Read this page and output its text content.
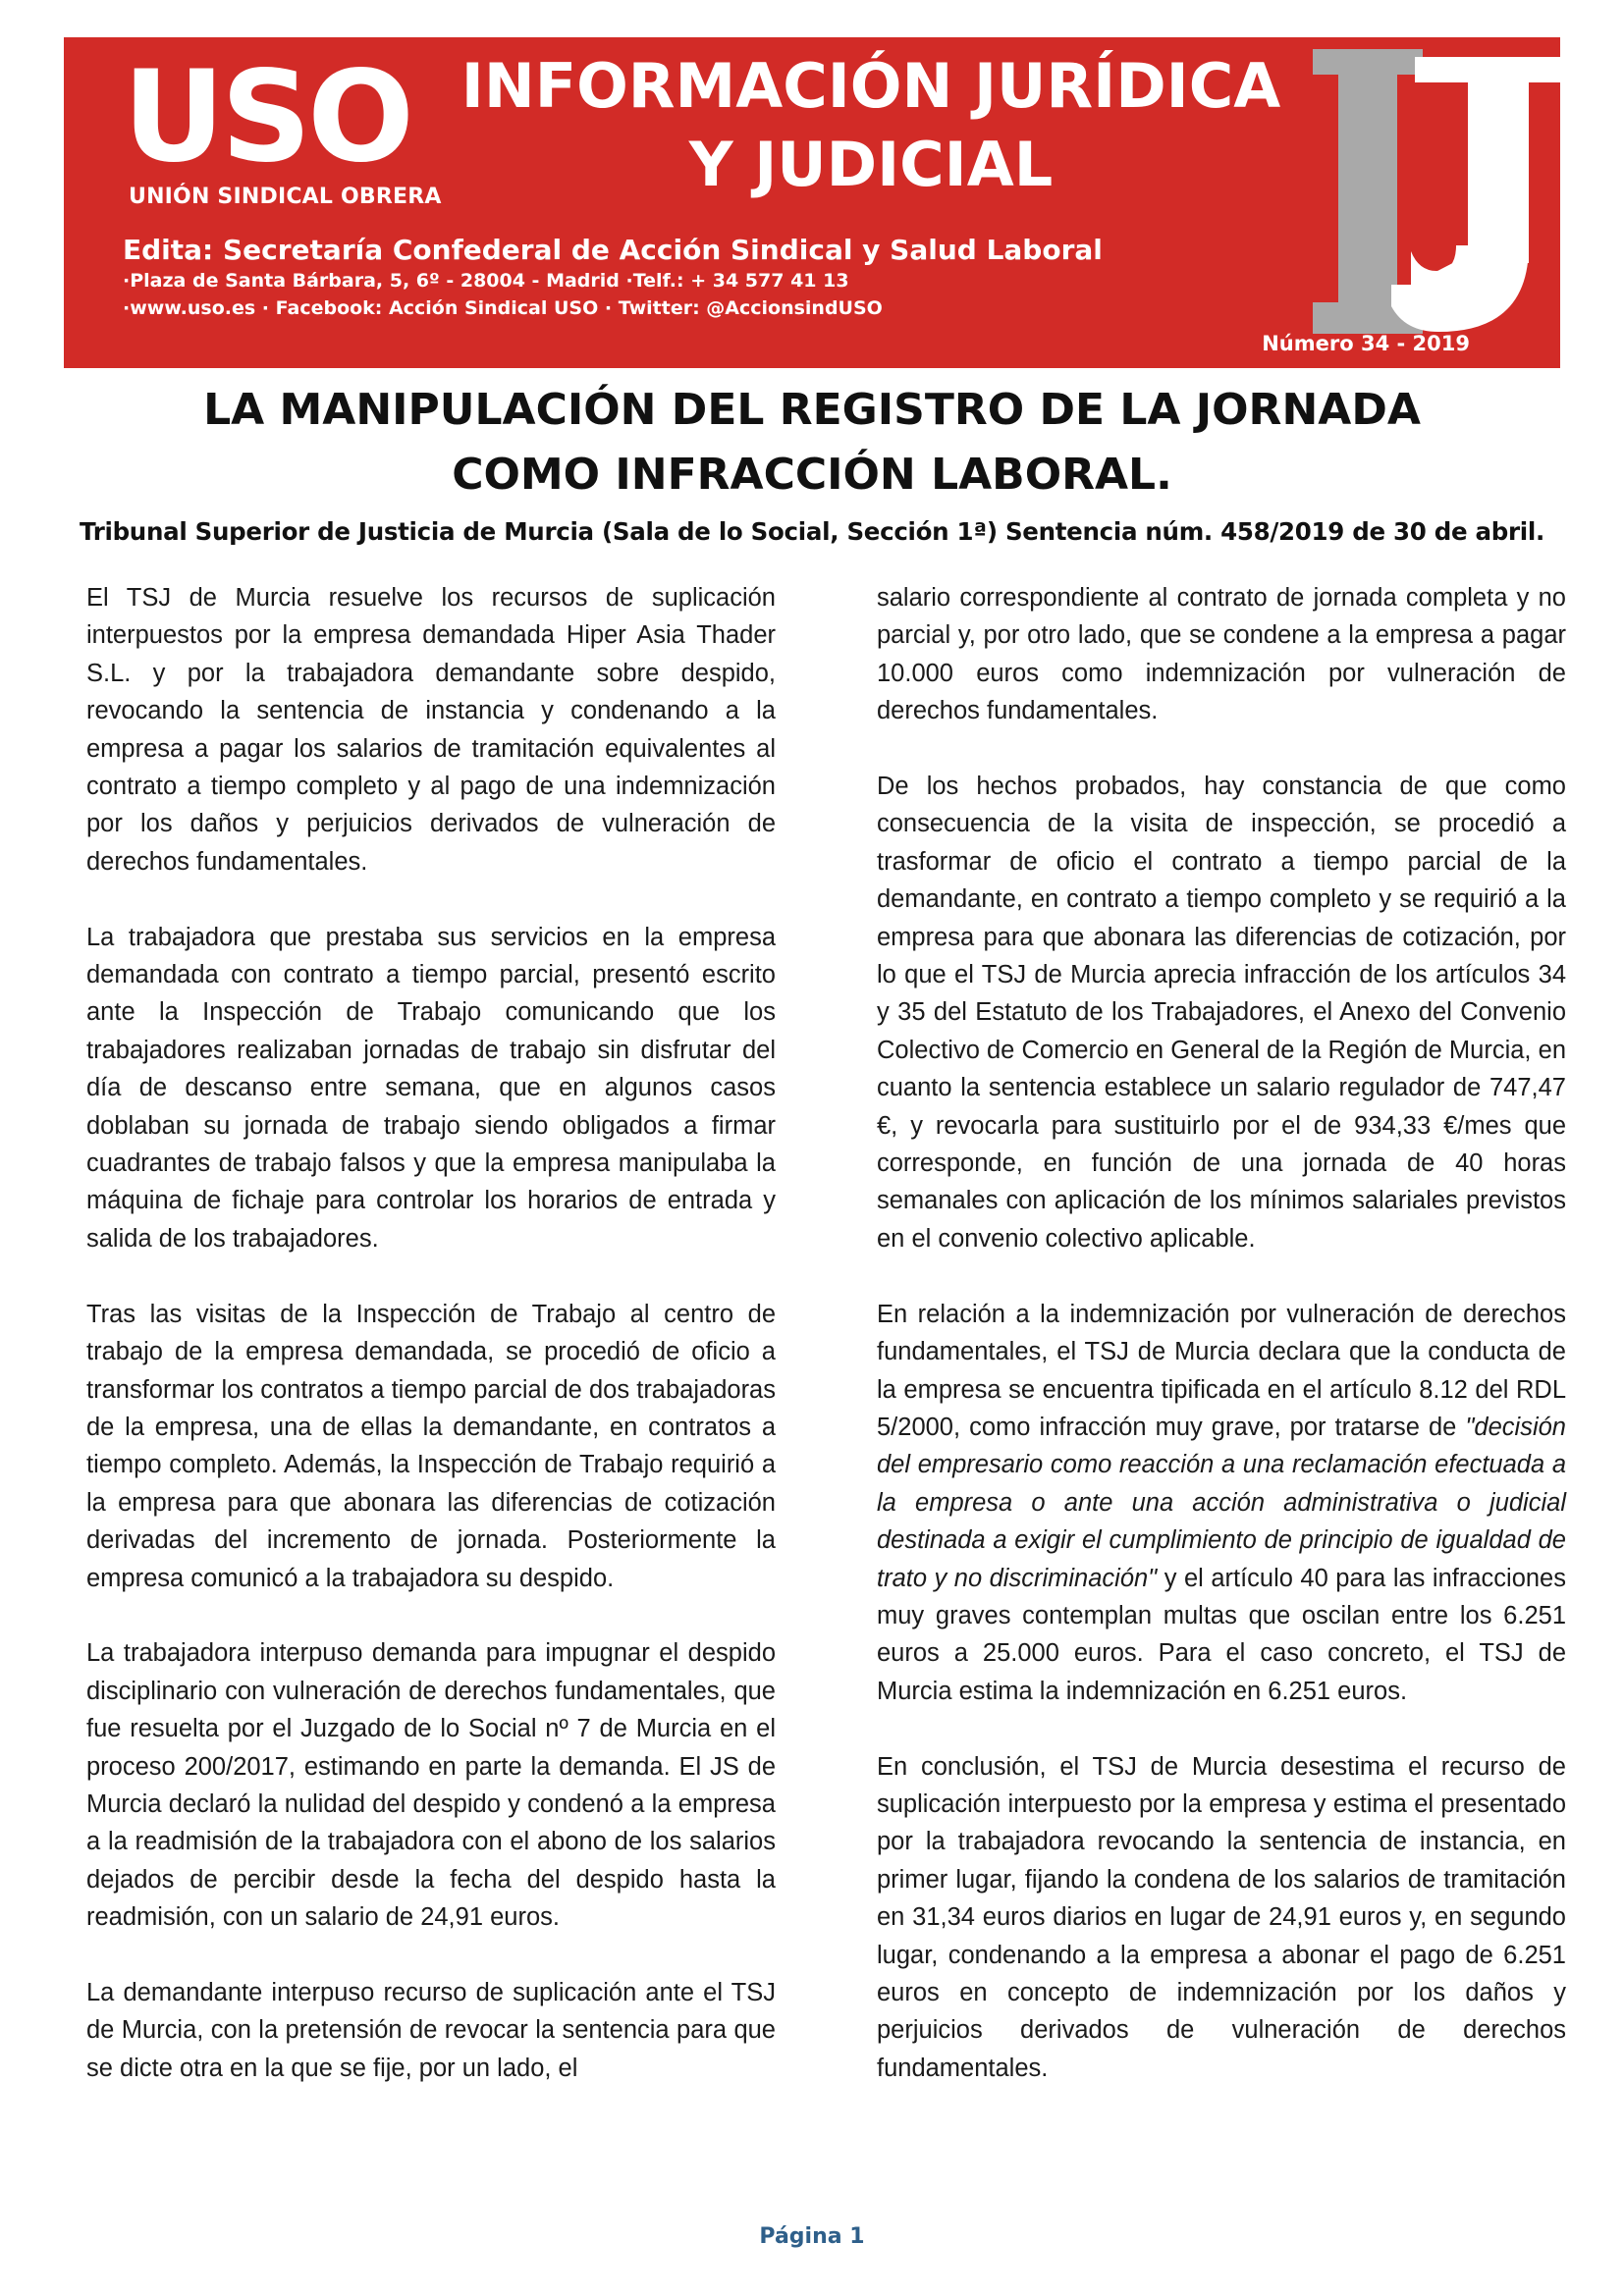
USO
UNIÓN SINDICAL OBRERA
INFORMACIÓN JURÍDICA
Y JUDICIAL
Edita: Secretaría Confederal de Acción Sindical y Salud Laboral
·Plaza de Santa Bárbara, 5, 6º - 28004 - Madrid ·Telf.: + 34 577 41 13
·www.uso.es · Facebook: Acción Sindical USO · Twitter: @AccionsindUSO
Número 34 - 2019
LA MANIPULACIÓN DEL REGISTRO DE LA JORNADA
COMO INFRACCIÓN LABORAL.
Tribunal Superior de Justicia de Murcia (Sala de lo Social, Sección 1ª) Sentencia núm. 458/2019 de 30 de abril.

El TSJ de Murcia resuelve los recursos de suplicación interpuestos por la empresa demandada Hiper Asia Thader S.L. y por la trabajadora demandante sobre despido, revocando la sentencia de instancia y condenando a la empresa a pagar los salarios de tramitación equivalentes al contrato a tiempo completo y al pago de una indemnización por los daños y perjuicios derivados de vulneración de derechos fundamentales.

La trabajadora que prestaba sus servicios en la empresa demandada con contrato a tiempo parcial, presentó escrito ante la Inspección de Trabajo comunicando que los trabajadores realizaban jornadas de trabajo sin disfrutar del día de descanso entre semana, que en algunos casos doblaban su jornada de trabajo siendo obligados a firmar cuadrantes de trabajo falsos y que la empresa manipulaba la máquina de fichaje para controlar los horarios de entrada y salida de los trabajadores.

Tras las visitas de la Inspección de Trabajo al centro de trabajo de la empresa demandada, se procedió de oficio a transformar los contratos a tiempo parcial de dos trabajadoras de la empresa, una de ellas la demandante, en contratos a tiempo completo. Además, la Inspección de Trabajo requirió a la empresa para que abonara las diferencias de cotización derivadas del incremento de jornada. Posteriormente la empresa comunicó a la trabajadora su despido.

La trabajadora interpuso demanda para impugnar el despido disciplinario con vulneración de derechos fundamentales, que fue resuelta por el Juzgado de lo Social nº 7 de Murcia en el proceso 200/2017, estimando en parte la demanda. El JS de Murcia declaró la nulidad del despido y condenó a la empresa a la readmisión de la trabajadora con el abono de los salarios dejados de percibir desde la fecha del despido hasta la readmisión, con un salario de 24,91 euros.

La demandante interpuso recurso de suplicación ante el TSJ de Murcia, con la pretensión de revocar la sentencia para que se dicte otra en la que se fije, por un lado, el

salario correspondiente al contrato de jornada completa y no parcial y, por otro lado, que se condene a la empresa a pagar 10.000 euros como indemnización por vulneración de derechos fundamentales.

De los hechos probados, hay constancia de que como consecuencia de la visita de inspección, se procedió a trasformar de oficio el contrato a tiempo parcial de la demandante, en contrato a tiempo completo y se requirió a la empresa para que abonara las diferencias de cotización, por lo que el TSJ de Murcia aprecia infracción de los artículos 34 y 35 del Estatuto de los Trabajadores, el Anexo del Convenio Colectivo de Comercio en General de la Región de Murcia, en cuanto la sentencia establece un salario regulador de 747,47 €, y revocarla para sustituirlo por el de 934,33 €/mes que corresponde, en función de una jornada de 40 horas semanales con aplicación de los mínimos salariales previstos en el convenio colectivo aplicable.

En relación a la indemnización por vulneración de derechos fundamentales, el TSJ de Murcia declara que la conducta de la empresa se encuentra tipificada en el artículo 8.12 del RDL 5/2000, como infracción muy grave, por tratarse de "decisión del empresario como reacción a una reclamación efectuada a la empresa o ante una acción administrativa o judicial destinada a exigir el cumplimiento de principio de igualdad de trato y no discriminación" y el artículo 40 para las infracciones muy graves contemplan multas que oscilan entre los 6.251 euros a 25.000 euros. Para el caso concreto, el TSJ de Murcia estima la indemnización en 6.251 euros.

En conclusión, el TSJ de Murcia desestima el recurso de suplicación interpuesto por la empresa y estima el presentado por la trabajadora revocando la sentencia de instancia, en primer lugar, fijando la condena de los salarios de tramitación en 31,34 euros diarios en lugar de 24,91 euros y, en segundo lugar, condenando a la empresa a abonar el pago de 6.251 euros en concepto de indemnización por los daños y perjuicios derivados de vulneración de derechos fundamentales.

Página 1
